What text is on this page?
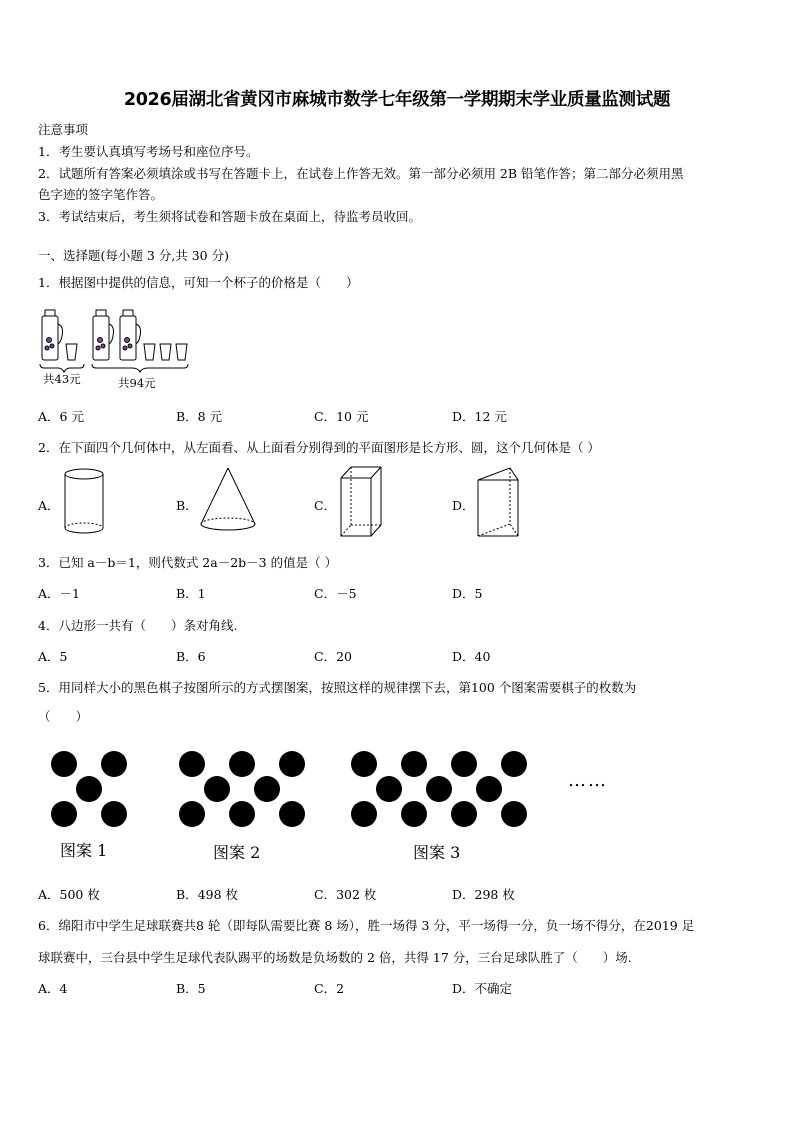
2026届湖北省黄冈市麻城市数学七年级第一学期期末学业质量监测试题
注意事项
1．考生要认真填写考场号和座位序号。
2．试题所有答案必须填涂或书写在答题卡上，在试卷上作答无效。第一部分必须用 2B 铅笔作答；第二部分必须用黑
色字迹的签字笔作答。
3．考试结束后，考生须将试卷和答题卡放在桌面上，待监考员收回。
一、选择题(每小题 3 分,共 30 分)
1．根据图中提供的信息，可知一个杯子的价格是（　　）
共43元	共94元
A．6 元	B．8 元	C．10 元	D．12 元
2．在下面四个几何体中，从左面看、从上面看分别得到的平面图形是长方形、圆，这个几何体是（ ）
A．	B．	C．	D．
3．已知 a－b＝1，则代数式 2a－2b－3 的值是（ ）
A．－1	B．1	C．－5	D．5
4．八边形一共有（　　）条对角线.
A．5	B．6	C．20	D．40
5．用同样大小的黑色棋子按图所示的方式摆图案，按照这样的规律摆下去，第100 个图案需要棋子的枚数为
（　　）
……
图案 1	图案 2	图案 3
A．500 枚	B．498 枚	C．302 枚	D．298 枚
6．绵阳市中学生足球联赛共8 轮（即每队需要比赛 8 场），胜一场得 3 分，平一场得一分，负一场不得分，在2019 足
球联赛中，三台县中学生足球代表队踢平的场数是负场数的 2 倍，共得 17 分，三台足球队胜了（　　）场.
A．4	B．5	C．2	D．不确定
